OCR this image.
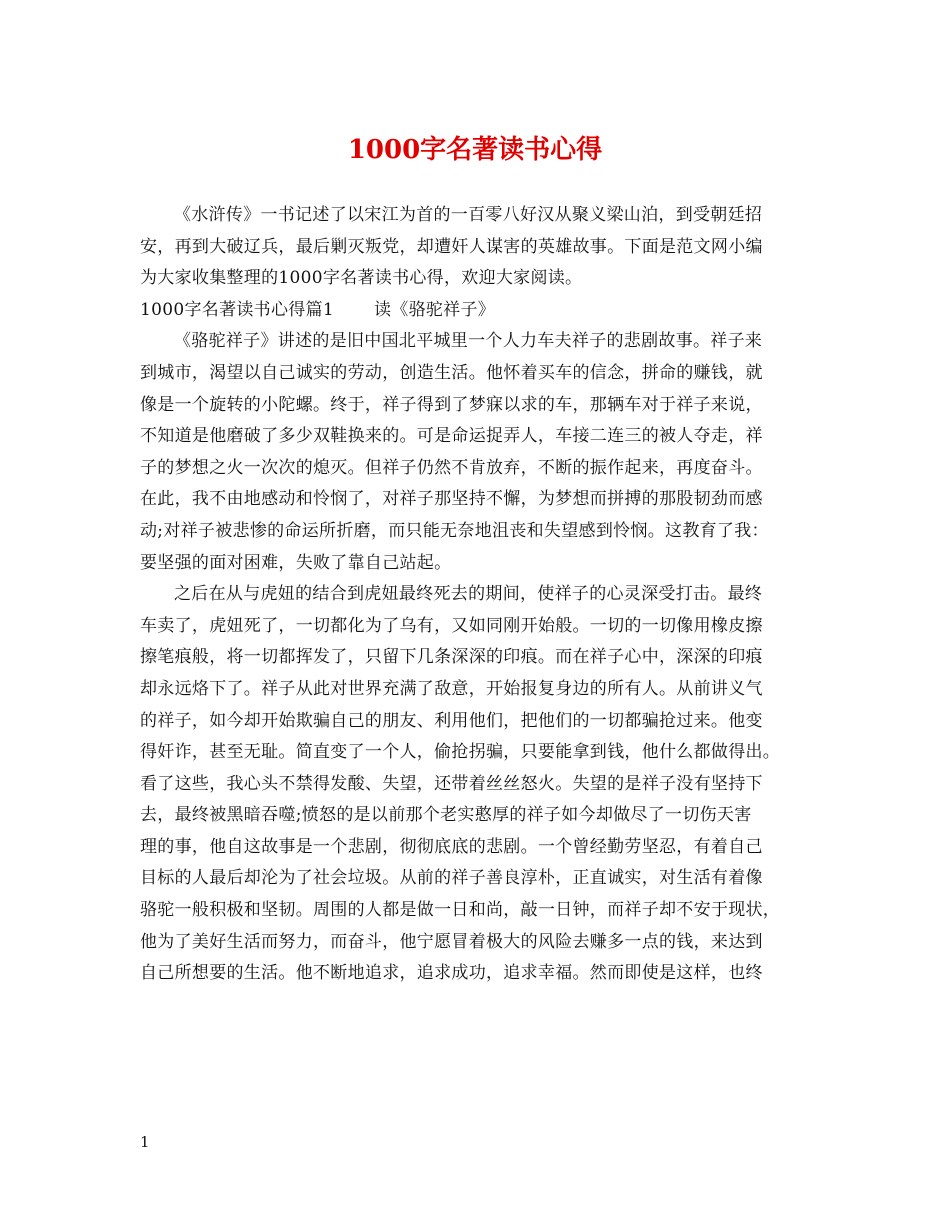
1000字名著读书心得
《水浒传》一书记述了以宋江为首的一百零八好汉从聚义梁山泊，到受朝廷招
安，再到大破辽兵，最后剿灭叛党，却遭奸人谋害的英雄故事。下面是范文网小编
为大家收集整理的1000字名著读书心得，欢迎大家阅读。
1000字名著读书心得篇1 读《骆驼祥子》
《骆驼祥子》讲述的是旧中国北平城里一个人力车夫祥子的悲剧故事。祥子来
到城市，渴望以自己诚实的劳动，创造生活。他怀着买车的信念，拼命的赚钱，就
像是一个旋转的小陀螺。终于，祥子得到了梦寐以求的车，那辆车对于祥子来说，
不知道是他磨破了多少双鞋换来的。可是命运捉弄人，车接二连三的被人夺走，祥
子的梦想之火一次次的熄灭。但祥子仍然不肯放弃，不断的振作起来，再度奋斗。
在此，我不由地感动和怜悯了，对祥子那坚持不懈，为梦想而拼搏的那股韧劲而感
动;对祥子被悲惨的命运所折磨，而只能无奈地沮丧和失望感到怜悯。这教育了我：
要坚强的面对困难，失败了靠自己站起。
之后在从与虎妞的结合到虎妞最终死去的期间，使祥子的心灵深受打击。最终
车卖了，虎妞死了，一切都化为了乌有，又如同刚开始般。一切的一切像用橡皮擦
擦笔痕般，将一切都挥发了，只留下几条深深的印痕。而在祥子心中，深深的印痕
却永远烙下了。祥子从此对世界充满了敌意，开始报复身边的所有人。从前讲义气
的祥子，如今却开始欺骗自己的朋友、利用他们，把他们的一切都骗抢过来。他变
得奸诈，甚至无耻。简直变了一个人，偷抢拐骗，只要能拿到钱，他什么都做得出。
看了这些，我心头不禁得发酸、失望，还带着丝丝怒火。失望的是祥子没有坚持下
去，最终被黑暗吞噬;愤怒的是以前那个老实憨厚的祥子如今却做尽了一切伤天害
理的事，他自这故事是一个悲剧，彻彻底底的悲剧。一个曾经勤劳坚忍，有着自己
目标的人最后却沦为了社会垃圾。从前的祥子善良淳朴，正直诚实，对生活有着像
骆驼一般积极和坚韧。周围的人都是做一日和尚，敲一日钟，而祥子却不安于现状，
他为了美好生活而努力，而奋斗，他宁愿冒着极大的风险去赚多一点的钱，来达到
自己所想要的生活。他不断地追求，追求成功，追求幸福。然而即使是这样，也终
1
